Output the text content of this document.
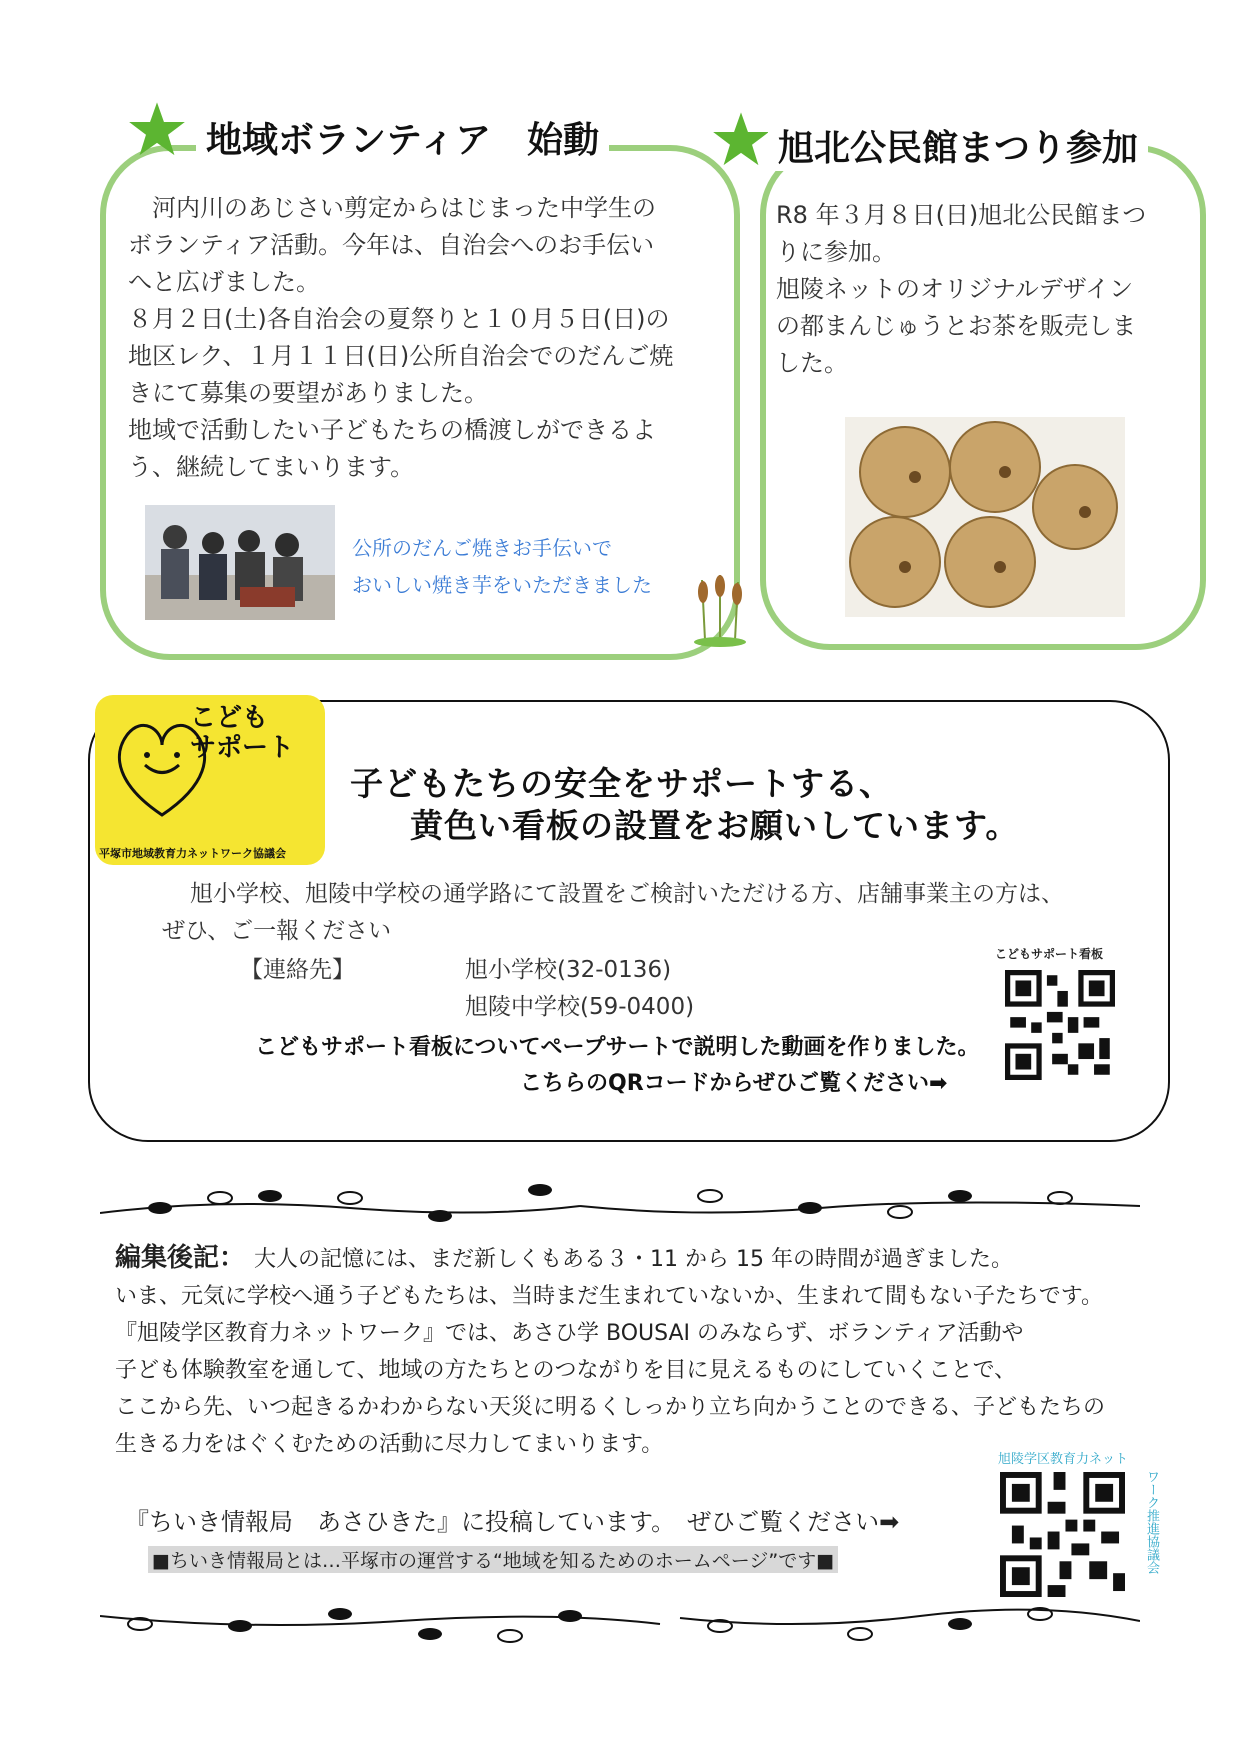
地域ボランティア　始動
　河内川のあじさい剪定からはじまった中学生の
ボランティア活動。今年は、自治会へのお手伝い
へと広げました。
８月２日(土)各自治会の夏祭りと１０月５日(日)の
地区レク、１月１１日(日)公所自治会でのだんご焼
きにて募集の要望がありました。
地域で活動したい子どもたちの橋渡しができるよ
う、継続してまいります。
公所のだんご焼きお手伝いで
おいしい焼き芋をいただきました
旭北公民館まつり参加
R8 年３月８日(日)旭北公民館まつ
りに参加。
旭陵ネットのオリジナルデザイン
の都まんじゅうとお茶を販売しま
した。
こども
サポート
平塚市地域教育力ネットワーク協議会
子どもたちの安全をサポートする、
黄色い看板の設置をお願いしています。
旭小学校、旭陵中学校の通学路にて設置をご検討いただける方、店舗事業主の方は、
ぜひ、ご一報ください
【連絡先】	旭小学校(32-0136)
旭陵中学校(59-0400)
こどもサポート看板についてペープサートで説明した動画を作りました。
こちらのQRコードからぜひご覧ください➡
こどもサポート看板

編集後記：　 大人の記憶には、まだ新しくもある３・11 から 15 年の時間が過ぎました。

いま、元気に学校へ通う子どもたちは、当時まだ生まれていないか、生まれて間もない子たちです。

『旭陵学区教育力ネットワーク』では、あさひ学 BOUSAI のみならず、ボランティア活動や

子ども体験教室を通して、地域の方たちとのつながりを目に見えるものにしていくことで、

ここから先、いつ起きるかわからない天災に明るくしっかり立ち向かうことのできる、子どもたちの

生きる力をはぐくむための活動に尽力してまいります。

『ちいき情報局　あさひきた』に投稿しています。　ぜひご覧ください➡
■ちいき情報局とは…平塚市の運営する“地域を知るためのホームページ”です■
旭陵学区教育力ネット
ワーク推進協議会
